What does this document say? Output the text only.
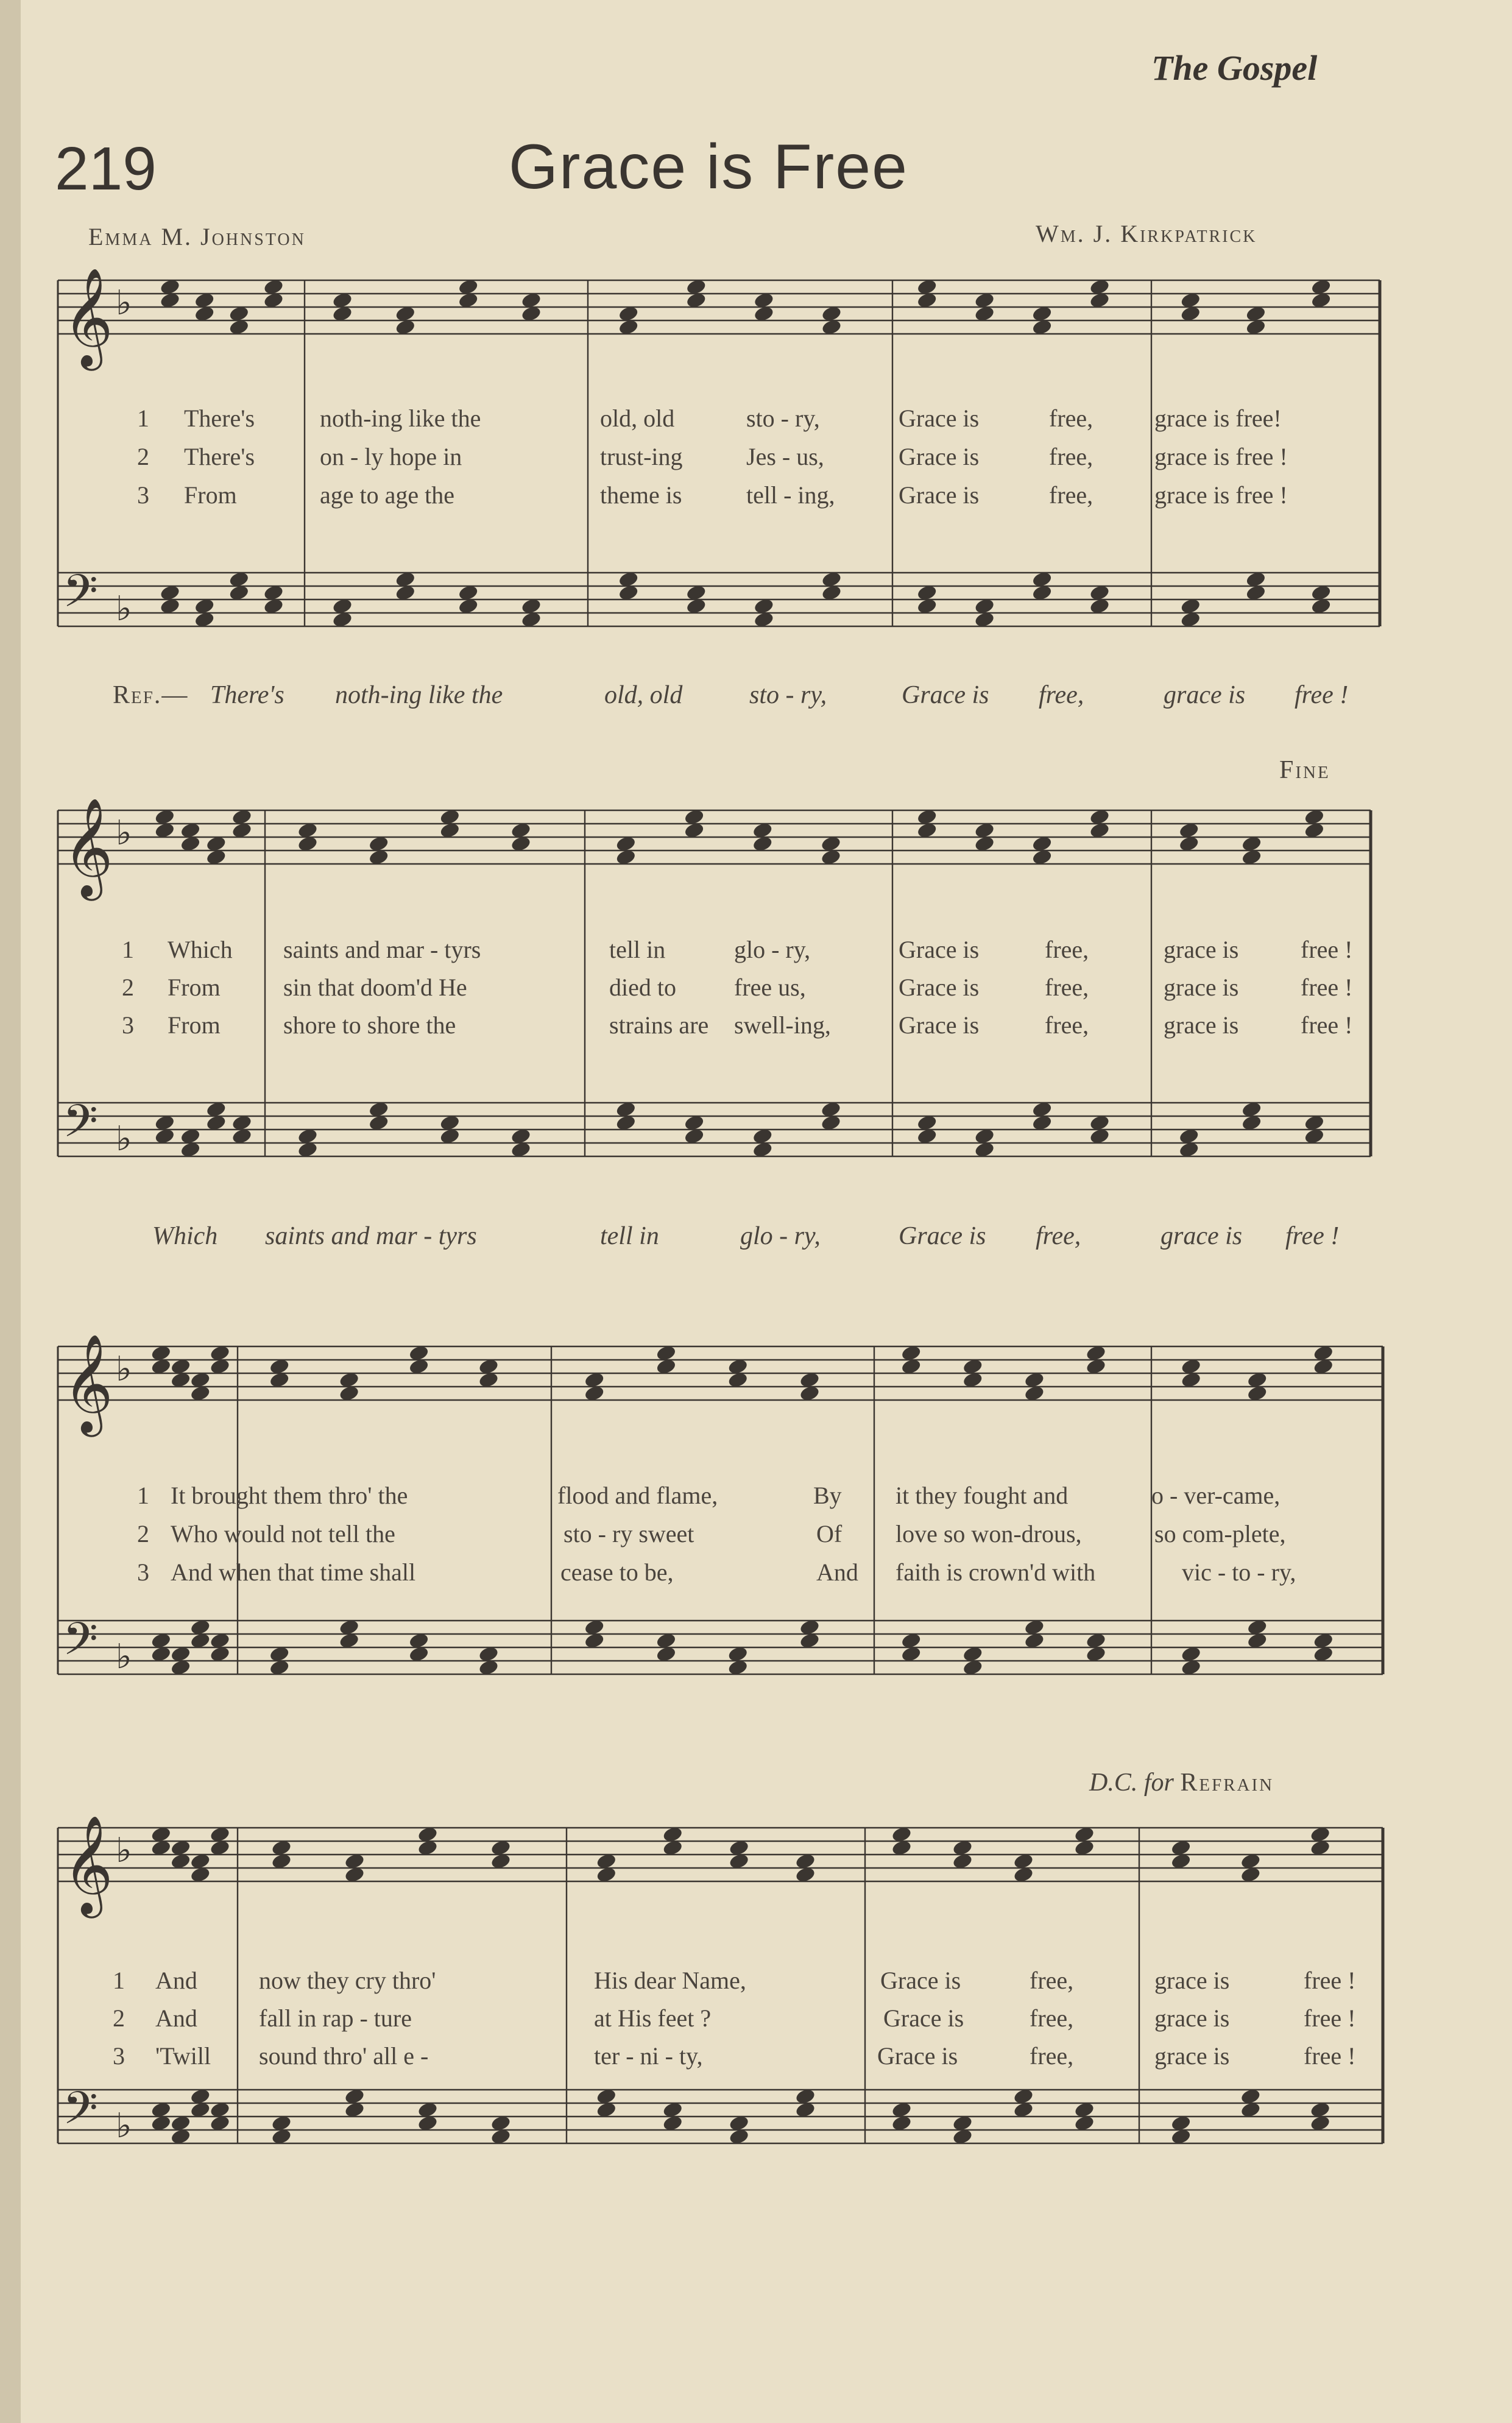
The Gospel
219	Grace is Free
Emma M. Johnston	Wm. J. Kirkpatrick
Fine
D.C. for Refrain
𝄞 ♭
𝄢 ♭
1 There's	noth-ing like the	old, old	sto - ry,	Grace is	free,	grace is free!
2 There's	on - ly hope in	trust-ing	Jes - us,	Grace is	free,	grace is free !
3 From	age to age the	theme is	tell - ing,	Grace is	free,	grace is free !
Ref.— There's noth-ing like the	old, old	sto - ry,	Grace is free,	grace is free !
𝄞 ♭
𝄢 ♭
1 Which saints and mar - tyrs	tell in	glo - ry,	Grace is	free,	grace is	free !
2 From	sin that doom'd He	died to free us,	Grace is	free,	grace is	free !
3 From	shore to shore the	strains are swell-ing,	Grace is	free,	grace is	free !
Which saints and mar - tyrs	tell in	glo - ry,	Grace is free,	grace is free !
𝄞 ♭
𝄢 ♭
1 It brought them thro' the	flood and flame,	By it they fought and	o - ver-came,
2 Who would not tell the	sto - ry sweet	Of love so won-drous,	so com-plete,
3 And when that time shall	cease to be,	And faith is crown'd with	vic - to - ry,
𝄞 ♭
𝄢 ♭
1 And	now they cry thro'	His dear Name,	Grace is	free,	grace is	free !
2 And	fall in rap - ture	at His feet ?	Grace is	free,	grace is	free !
3 'Twill sound thro' all e -	ter - ni - ty,	Grace is	free,	grace is	free !
